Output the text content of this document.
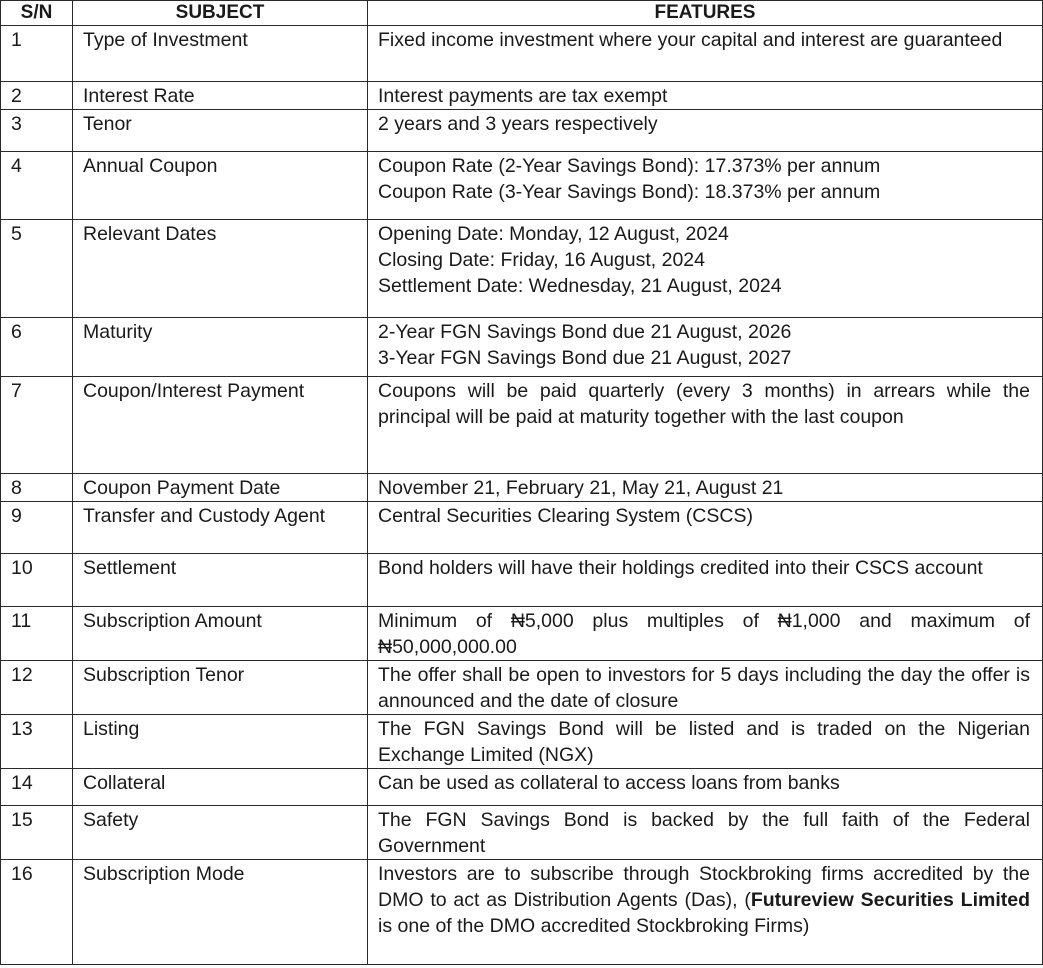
S/N	SUBJECT	FEATURES
1	Type of Investment	Fixed income investment where your capital and interest are guaranteed
2	Interest Rate	Interest payments are tax exempt
3	Tenor	2 years and 3 years respectively
4	Annual Coupon	Coupon Rate (2-Year Savings Bond): 17.373% per annum
Coupon Rate (3-Year Savings Bond): 18.373% per annum

5	Relevant Dates	Opening Date: Monday, 12 August, 2024
Closing Date: Friday, 16 August, 2024
Settlement Date: Wednesday, 21 August, 2024

6	Maturity	2-Year FGN Savings Bond due 21 August, 2026
3-Year FGN Savings Bond due 21 August, 2027

7	Coupon/Interest Payment	Coupons will be paid quarterly (every 3 months) in arrears while the principal will be paid at maturity together with the last coupon
8	Coupon Payment Date	November 21, February 21, May 21, August 21
9	Transfer and Custody Agent	Central Securities Clearing System (CSCS)
10	Settlement	Bond holders will have their holdings credited into their CSCS account
11	Subscription Amount	Minimum of ₦5,000 plus multiples of ₦1,000 and maximum of ₦50,000,000.00
12	Subscription Tenor	The offer shall be open to investors for 5 days including the day the offer is announced and the date of closure
13	Listing	The FGN Savings Bond will be listed and is traded on the Nigerian Exchange Limited (NGX)
14	Collateral	Can be used as collateral to access loans from banks
15	Safety	The FGN Savings Bond is backed by the full faith of the Federal Government
16	Subscription Mode	Investors are to subscribe through Stockbroking firms accredited by the DMO to act as Distribution Agents (Das), (Futureview Securities Limited is one of the DMO accredited Stockbroking Firms)
